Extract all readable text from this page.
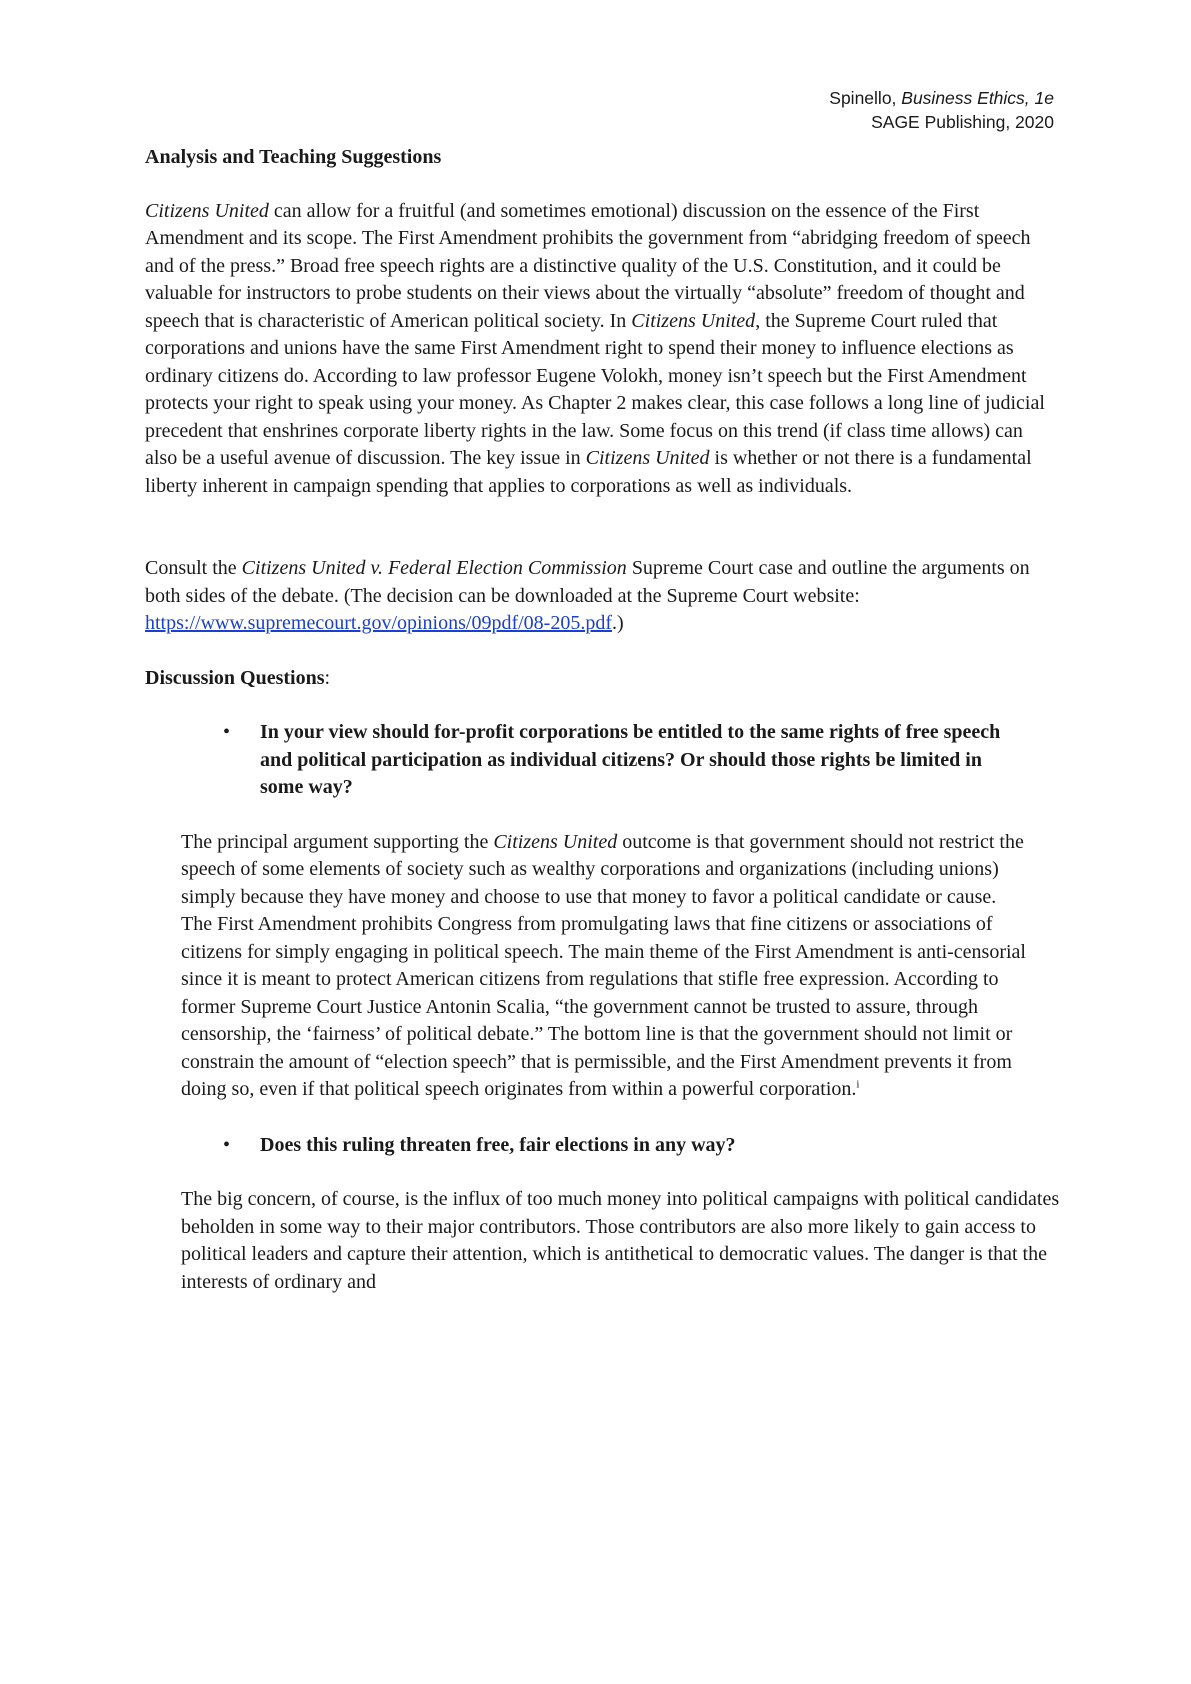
Spinello, Business Ethics, 1e
SAGE Publishing, 2020

Analysis and Teaching Suggestions

Citizens United can allow for a fruitful (and sometimes emotional) discussion on the essence of the First Amendment and its scope. The First Amendment prohibits the government from “abridging freedom of speech and of the press.” Broad free speech rights are a distinctive quality of the U.S. Constitution, and it could be valuable for instructors to probe students on their views about the virtually “absolute” freedom of thought and speech that is characteristic of American political society. In Citizens United, the Supreme Court ruled that corporations and unions have the same First Amendment right to spend their money to influence elections as ordinary citizens do. According to law professor Eugene Volokh, money isn’t speech but the First Amendment protects your right to speak using your money. As Chapter 2 makes clear, this case follows a long line of judicial precedent that enshrines corporate liberty rights in the law. Some focus on this trend (if class time allows) can also be a useful avenue of discussion. The key issue in Citizens United is whether or not there is a fundamental liberty inherent in campaign spending that applies to corporations as well as individuals.

Consult the Citizens United v. Federal Election Commission Supreme Court case and outline the arguments on both sides of the debate. (The decision can be downloaded at the Supreme Court website: https://www.supremecourt.gov/opinions/09pdf/08-205.pdf.)

Discussion Questions:

•	In your view should for-profit corporations be entitled to the same rights of free speech and political participation as individual citizens? Or should those rights be limited in some way?

The principal argument supporting the Citizens United outcome is that government should not restrict the speech of some elements of society such as wealthy corporations and organizations (including unions) simply because they have money and choose to use that money to favor a political candidate or cause. The First Amendment prohibits Congress from promulgating laws that fine citizens or associations of citizens for simply engaging in political speech. The main theme of the First Amendment is anti-censorial since it is meant to protect American citizens from regulations that stifle free expression. According to former Supreme Court Justice Antonin Scalia, “the government cannot be trusted to assure, through censorship, the ‘fairness’ of political debate.” The bottom line is that the government should not limit or constrain the amount of “election speech” that is permissible, and the First Amendment prevents it from doing so, even if that political speech originates from within a powerful corporation.$^i$

•	Does this ruling threaten free, fair elections in any way?

The big concern, of course, is the influx of too much money into political campaigns with political candidates beholden in some way to their major contributors. Those contributors are also more likely to gain access to political leaders and capture their attention, which is antithetical to democratic values. The danger is that the interests of ordinary and
